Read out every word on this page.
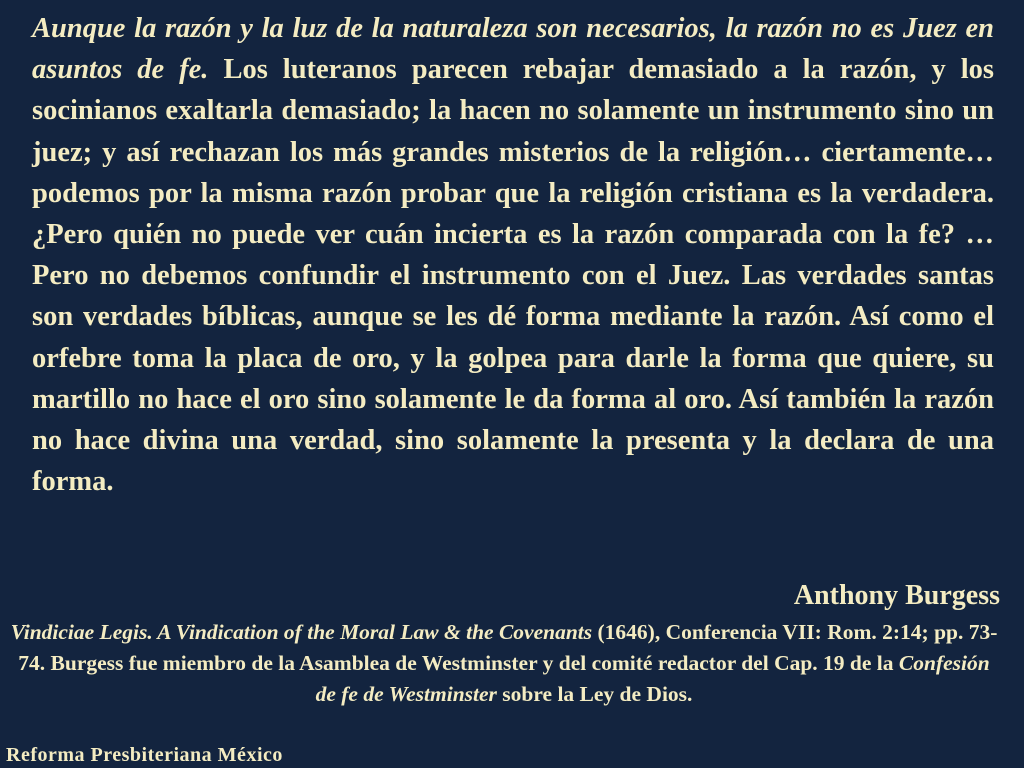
Aunque la razón y la luz de la naturaleza son necesarios, la razón no es Juez en asuntos de fe. Los luteranos parecen rebajar demasiado a la razón, y los socinianos exaltarla demasiado; la hacen no solamente un instrumento sino un juez; y así rechazan los más grandes misterios de la religión… ciertamente… podemos por la misma razón probar que la religión cristiana es la verdadera. ¿Pero quién no puede ver cuán incierta es la razón comparada con la fe? … Pero no debemos confundir el instrumento con el Juez. Las verdades santas son verdades bíblicas, aunque se les dé forma mediante la razón. Así como el orfebre toma la placa de oro, y la golpea para darle la forma que quiere, su martillo no hace el oro sino solamente le da forma al oro. Así también la razón no hace divina una verdad, sino solamente la presenta y la declara de una forma.
Anthony Burgess
Vindiciae Legis. A Vindication of the Moral Law & the Covenants (1646), Conferencia VII: Rom. 2:14; pp. 73-74. Burgess fue miembro de la Asamblea de Westminster y del comité redactor del Cap. 19 de la Confesión de fe de Westminster sobre la Ley de Dios.
Reforma Presbiteriana México
